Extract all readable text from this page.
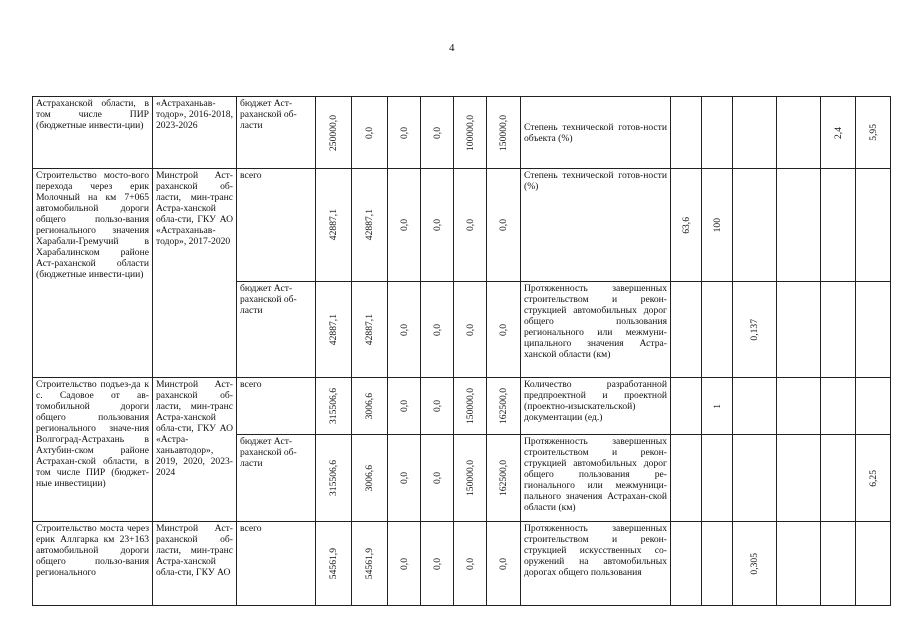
4
Астраханской области, в том числе ПИР (бюджетные инвести-ции)	«Астраханьав-тодор», 2016-2018, 2023-2026	бюджет Аст-раханской об-ласти	250000,0	0,0	0,0	0,0	100000,0	150000,0	Степень технической готов-ности объекта (%)					2,4	5,95

Строительство мосто-вого перехода через ерик Молочный на км 7+065 автомобильной дороги общего пользо-вания регионального значения Харабали-Гремучий в Харабалинском районе Аст-раханской области (бюджетные инвести-ции)	Минстрой Аст-раханской об-ласти, мин-транс Астра-ханской обла-сти, ГКУ АО «Астраханьав-тодор», 2017-2020	всего	42887,1	42887,1	0,0	0,0	0,0	0,0	Степень технической готов-ности (%)	63,6	100				

		бюджет Аст-раханской об-ласти	42887,1	42887,1	0,0	0,0	0,0	0,0	Протяженность завершенных строительством и рекон-струкцией автомобильных дорог общего пользования регионального или межмуни-ципального значения Астра-ханской области (км)			0,137			

Строительство подъез-да к с. Садовое от ав-томобильной дороги общего пользования регионального значе-ния Волгоград-Астрахань в Ахтубин-ском районе Астрахан-ской области, в том числе ПИР (бюджет-ные инвестиции)	Минстрой Аст-раханской об-ласти, мин-транс Астра-ханской обла-сти, ГКУ АО «Астра-ханьавтодор», 2019, 2020, 2023-2024	всего	315506,6	3006,6	0,0	0,0	150000,0	162500,0	Количество разработанной предпроектной и проектной (проектно-изыскательской) документации (ед.)		1				

		бюджет Аст-раханской об-ласти	315506,6	3006,6	0,0	0,0	150000,0	162500,0	Протяженность завершенных строительством и рекон-струкцией автомобильных дорог общего пользования ре-гионального или межмуници-пального значения Астрахан-ской области (км)						6,25

Строительство моста через ерик Аллгарка км 23+163 автомобильной дороги общего пользо-вания регионального	Минстрой Аст-раханской об-ласти, мин-транс Астра-ханской обла-сти, ГКУ АО	всего	54561,9	54561,9	0,0	0,0	0,0	0,0	Протяженность завершенных строительством и рекон-струкцией искусственных со-оружений на автомобильных дорогах общего пользования			0,305			
